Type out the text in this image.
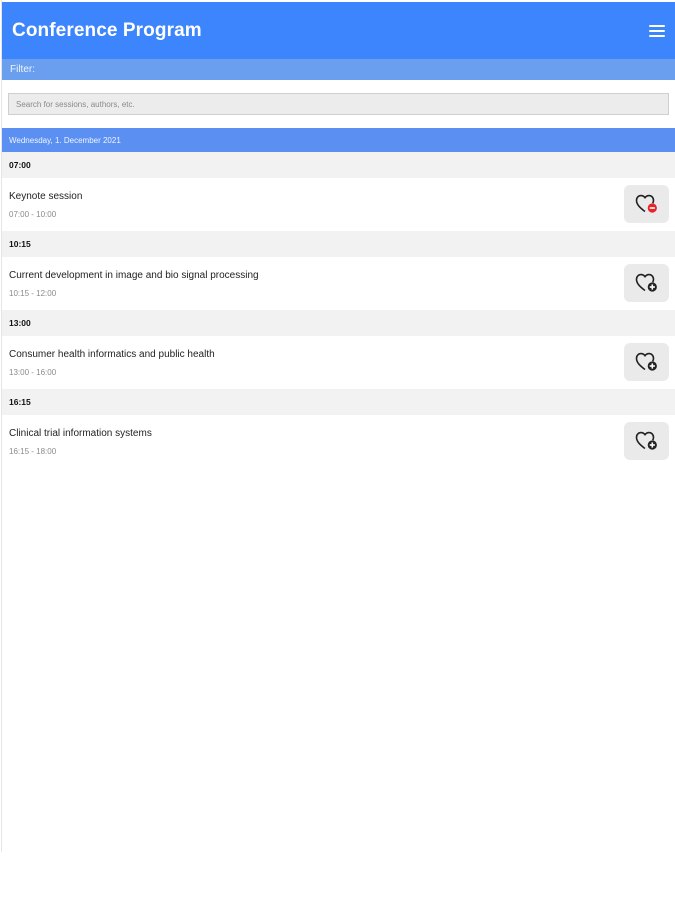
Conference Program
Filter:
Search for sessions, authors, etc.
Wednesday, 1. December 2021
07:00
Keynote session
07:00 - 10:00
10:15
Current development in image and bio signal processing
10:15 - 12:00
13:00
Consumer health informatics and public health
13:00 - 16:00
16:15
Clinical trial information systems
16:15 - 18:00
